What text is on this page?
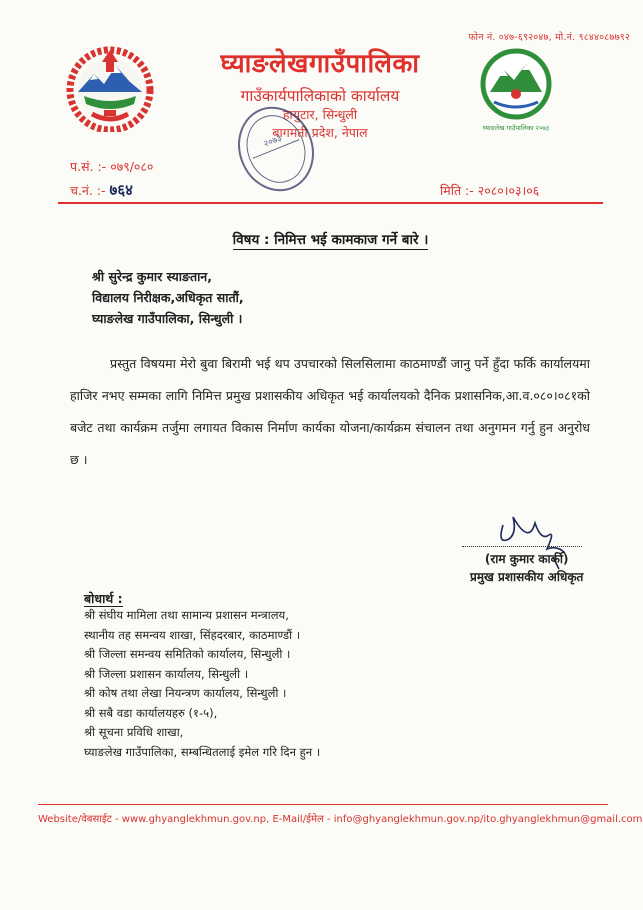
फोन नं. ०४७-६९२०४७, मो.नं. ९८४४०८७७९२
घ्याङलेखगाउँपालिका
गाउँकार्यपालिकाको कार्यालय
हायुटार, सिन्धुली
बागमती प्रदेश, नेपाल	घ्याङलेख गाउँपालिका २०७३
२०७३
प.सं. :- ०७९/०८०
च.नं. :- ७६४	मिति :- २०८०।०३।०६
विषय : निमित्त भई कामकाज गर्ने बारे ।
श्री सुरेन्द्र कुमार स्याङतान,
विद्यालय निरीक्षक,अधिकृत सातौं,
घ्याङलेख गाउँपालिका, सिन्धुली ।
प्रस्तुत विषयमा मेरो बुवा बिरामी भई थप उपचारको सिलसिलामा काठमाण्डौं जानु पर्ने हुँदा फर्कि कार्यालयमा हाजिर नभए सम्मका लागि निमित्त प्रमुख प्रशासकीय अधिकृत भई कार्यालयको दैनिक प्रशासनिक,आ.व.०८०।०८१को बजेट तथा कार्यक्रम तर्जुमा लगायत विकास निर्माण कार्यका योजना/कार्यक्रम संचालन तथा अनुगमन गर्नु हुन अनुरोध छ ।
(राम कुमार कार्की)
प्रमुख प्रशासकीय अधिकृत
बोधार्थ :
श्री संघीय मामिला तथा सामान्य प्रशासन मन्त्रालय,
स्थानीय तह समन्वय शाखा, सिंहदरबार, काठमाण्डौं ।
श्री जिल्ला समन्वय समितिको कार्यालय, सिन्धुली ।
श्री जिल्ला प्रशासन कार्यालय, सिन्धुली ।
श्री कोष तथा लेखा नियन्त्रण कार्यालय, सिन्धुली ।
श्री सबै वडा कार्यालयहरु (१-५),
श्री सूचना प्रविधि शाखा,
घ्याङलेख गाउँपालिका, सम्बन्धितलाई इमेल गरि दिन हुन ।
Website/वेबसाईट - www.ghyanglekhmun.gov.np, E-Mail/ईमेल - info@ghyanglekhmun.gov.np/ito.ghyanglekhmun@gmail.com
